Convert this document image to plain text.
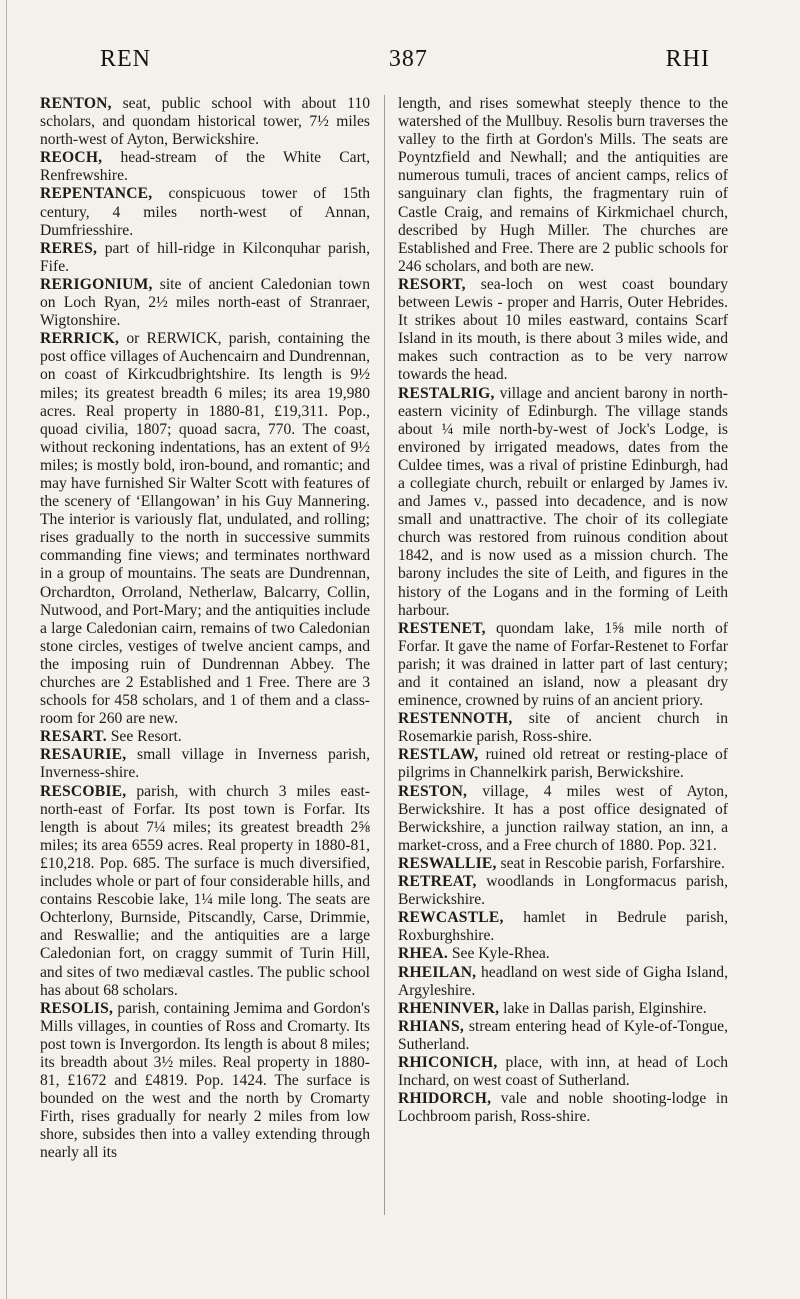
REN	387	RHI

RENTON, seat, public school with about 110 scholars, and quondam historical tower, 7½ miles north-west of Ayton, Berwickshire.

REOCH, head-stream of the White Cart, Renfrewshire.

REPENTANCE, conspicuous tower of 15th century, 4 miles north-west of Annan, Dumfriesshire.

RERES, part of hill-ridge in Kilconquhar parish, Fife.

RERIGONIUM, site of ancient Caledonian town on Loch Ryan, 2½ miles north-east of Stranraer, Wigtonshire.

RERRICK, or RERWICK, parish, containing the post office villages of Auchencairn and Dundrennan, on coast of Kirkcudbrightshire. Its length is 9½ miles; its greatest breadth 6 miles; its area 19,980 acres. Real property in 1880-81, £19,311. Pop., quoad civilia, 1807; quoad sacra, 770. The coast, without reckoning indentations, has an extent of 9½ miles; is mostly bold, iron-bound, and romantic; and may have furnished Sir Walter Scott with features of the scenery of ‘Ellangowan’ in his Guy Mannering. The interior is variously flat, undulated, and rolling; rises gradually to the north in successive summits commanding fine views; and terminates northward in a group of mountains. The seats are Dundrennan, Orchardton, Orroland, Netherlaw, Balcarry, Collin, Nutwood, and Port-Mary; and the antiquities include a large Caledonian cairn, remains of two Caledonian stone circles, vestiges of twelve ancient camps, and the imposing ruin of Dundrennan Abbey. The churches are 2 Established and 1 Free. There are 3 schools for 458 scholars, and 1 of them and a class-room for 260 are new.

RESART. See Resort.

RESAURIE, small village in Inverness parish, Inverness-shire.

RESCOBIE, parish, with church 3 miles east-north-east of Forfar. Its post town is Forfar. Its length is about 7¼ miles; its greatest breadth 2⅝ miles; its area 6559 acres. Real property in 1880-81, £10,218. Pop. 685. The surface is much diversified, includes whole or part of four considerable hills, and contains Rescobie lake, 1¼ mile long. The seats are Ochterlony, Burnside, Pitscandly, Carse, Drimmie, and Reswallie; and the antiquities are a large Caledonian fort, on craggy summit of Turin Hill, and sites of two mediæval castles. The public school has about 68 scholars.

RESOLIS, parish, containing Jemima and Gordon's Mills villages, in counties of Ross and Cromarty. Its post town is Invergordon. Its length is about 8 miles; its breadth about 3½ miles. Real property in 1880-81, £1672 and £4819. Pop. 1424. The surface is bounded on the west and the north by Cromarty Firth, rises gradually for nearly 2 miles from low shore, subsides then into a valley extending through nearly all its

length, and rises somewhat steeply thence to the watershed of the Mullbuy. Resolis burn traverses the valley to the firth at Gordon's Mills. The seats are Poyntzfield and Newhall; and the antiquities are numerous tumuli, traces of ancient camps, relics of sanguinary clan fights, the fragmentary ruin of Castle Craig, and remains of Kirkmichael church, described by Hugh Miller. The churches are Established and Free. There are 2 public schools for 246 scholars, and both are new.

RESORT, sea-loch on west coast boundary between Lewis - proper and Harris, Outer Hebrides. It strikes about 10 miles eastward, contains Scarf Island in its mouth, is there about 3 miles wide, and makes such contraction as to be very narrow towards the head.

RESTALRIG, village and ancient barony in north-eastern vicinity of Edinburgh. The village stands about ¼ mile north-by-west of Jock's Lodge, is environed by irrigated meadows, dates from the Culdee times, was a rival of pristine Edinburgh, had a collegiate church, rebuilt or enlarged by James iv. and James v., passed into decadence, and is now small and unattractive. The choir of its collegiate church was restored from ruinous condition about 1842, and is now used as a mission church. The barony includes the site of Leith, and figures in the history of the Logans and in the forming of Leith harbour.

RESTENET, quondam lake, 1⅝ mile north of Forfar. It gave the name of Forfar-Restenet to Forfar parish; it was drained in latter part of last century; and it contained an island, now a pleasant dry eminence, crowned by ruins of an ancient priory.

RESTENNOTH, site of ancient church in Rosemarkie parish, Ross-shire.

RESTLAW, ruined old retreat or resting-place of pilgrims in Channelkirk parish, Berwickshire.

RESTON, village, 4 miles west of Ayton, Berwickshire. It has a post office designated of Berwickshire, a junction railway station, an inn, a market-cross, and a Free church of 1880. Pop. 321.

RESWALLIE, seat in Rescobie parish, Forfarshire.

RETREAT, woodlands in Longformacus parish, Berwickshire.

REWCASTLE, hamlet in Bedrule parish, Roxburghshire.

RHEA. See Kyle-Rhea.

RHEILAN, headland on west side of Gigha Island, Argyleshire.

RHENINVER, lake in Dallas parish, Elginshire.

RHIANS, stream entering head of Kyle-of-Tongue, Sutherland.

RHICONICH, place, with inn, at head of Loch Inchard, on west coast of Sutherland.

RHIDORCH, vale and noble shooting-lodge in Lochbroom parish, Ross-shire.
